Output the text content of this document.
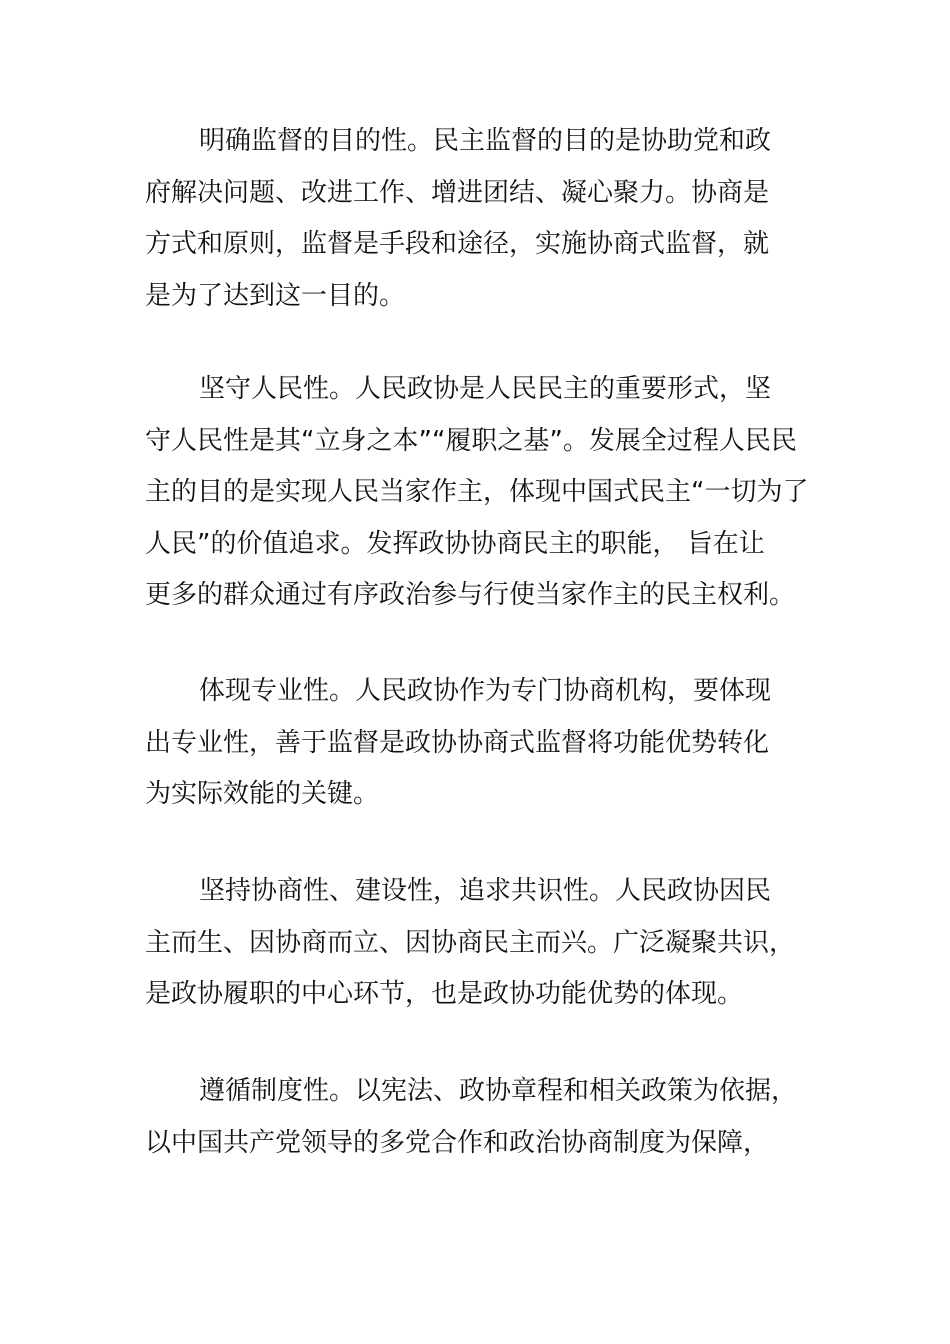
明确监督的目的性。民主监督的目的是协助党和政
府解决问题、改进工作、增进团结、凝心聚力。协商是
方式和原则，监督是手段和途径，实施协商式监督，就
是为了达到这一目的。
坚守人民性。人民政协是人民民主的重要形式，坚
守人民性是其“立身之本”“履职之基”。发展全过程人民民
主的目的是实现人民当家作主，体现中国式民主“一切为了
人民”的价值追求。发挥政协协商民主的职能， 旨在让
更多的群众通过有序政治参与行使当家作主的民主权利。
体现专业性。人民政协作为专门协商机构，要体现
出专业性，善于监督是政协协商式监督将功能优势转化
为实际效能的关键。
坚持协商性、建设性，追求共识性。人民政协因民
主而生、因协商而立、因协商民主而兴。广泛凝聚共识，
是政协履职的中心环节，也是政协功能优势的体现。
遵循制度性。以宪法、政协章程和相关政策为依据，
以中国共产党领导的多党合作和政治协商制度为保障，
